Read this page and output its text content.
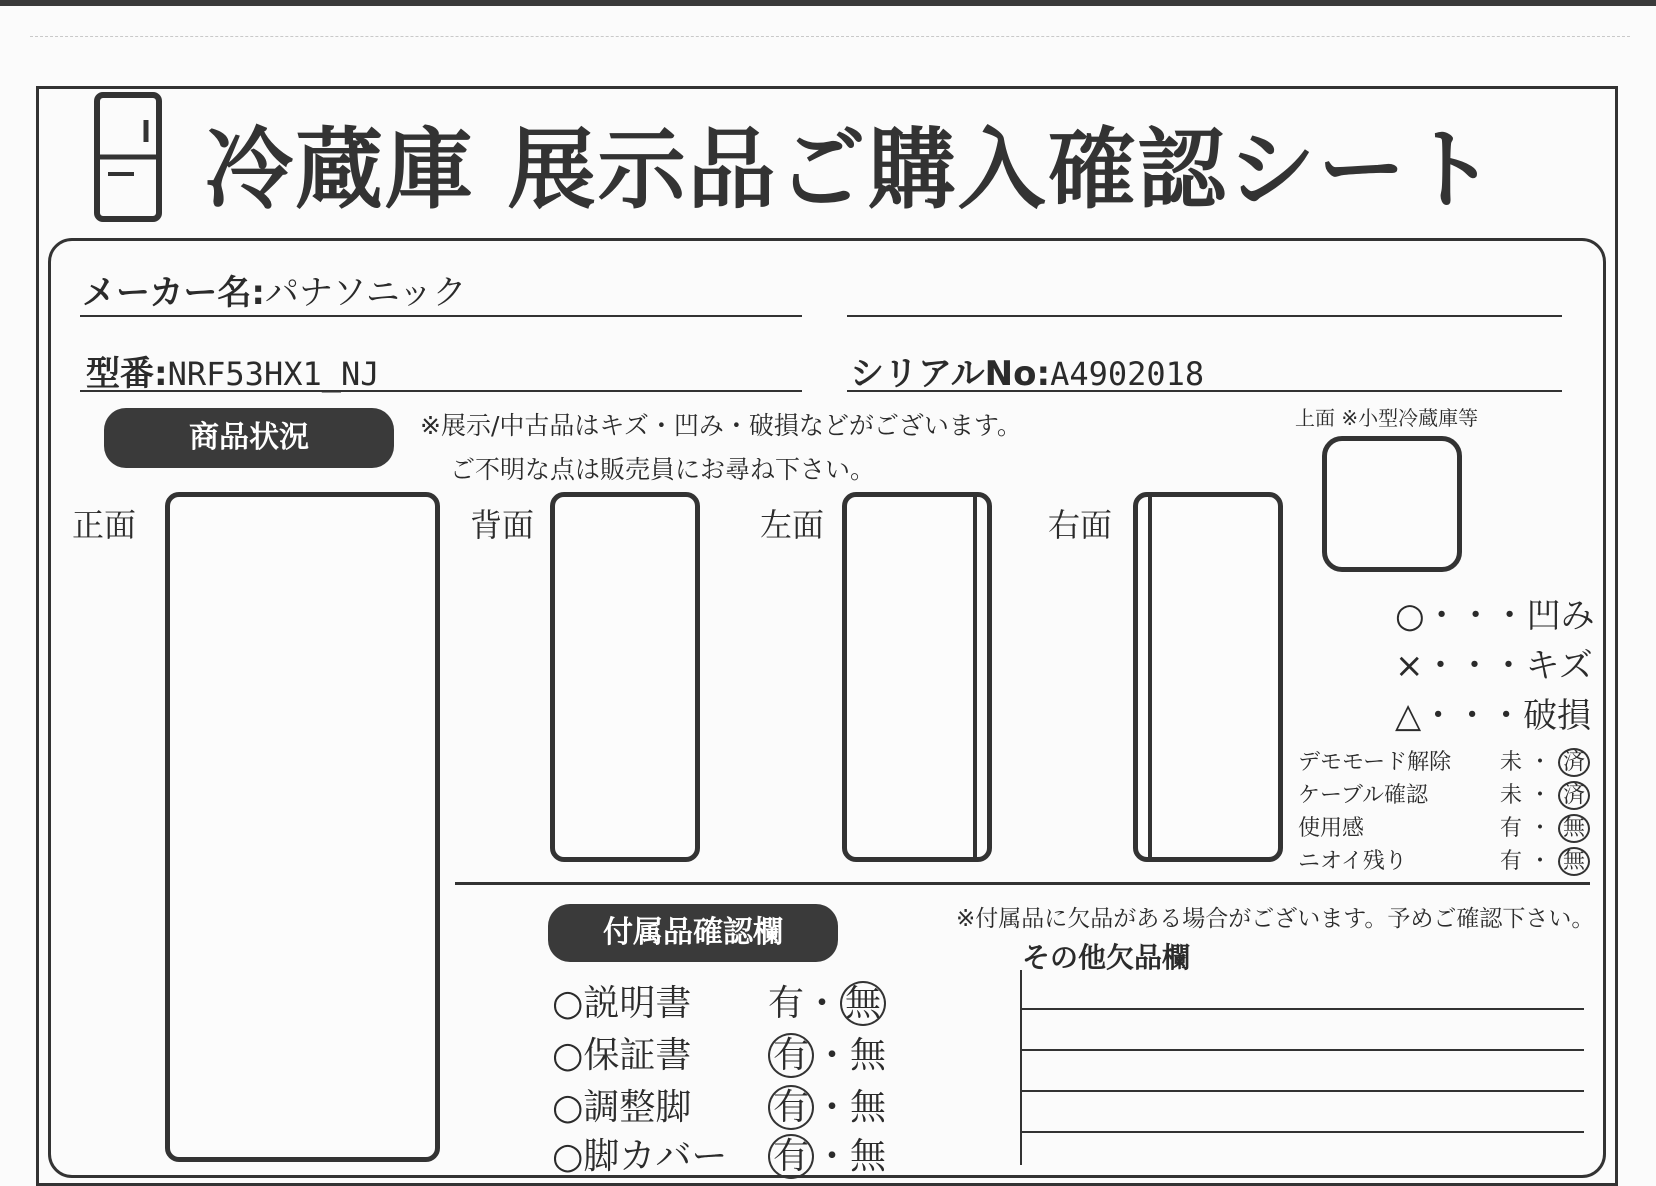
冷蔵庫 展示品ご購入確認シート
メーカー名:パナソニック
型番:NRF53HX1_NJ	シリアルNo:A4902018
商品状況	※展示/中古品はキズ・凹み・破損などがございます。
ご不明な点は販売員にお尋ね下さい。
正面	背面	左面	右面
上面 ※小型冷蔵庫等
○・・・凹み
×・・・キズ
△・・・破損
デモモード解除 未 ・ 済
ケーブル確認	未 ・ 済
使用感	有 ・ 無
ニオイ残り	有 ・ 無
付属品確認欄	※付属品に欠品がある場合がございます。予めご確認下さい。
その他欠品欄
○説明書 有・ 無
○保証書 有 ・無
○調整脚 有 ・無
○脚カバー 有 ・無
